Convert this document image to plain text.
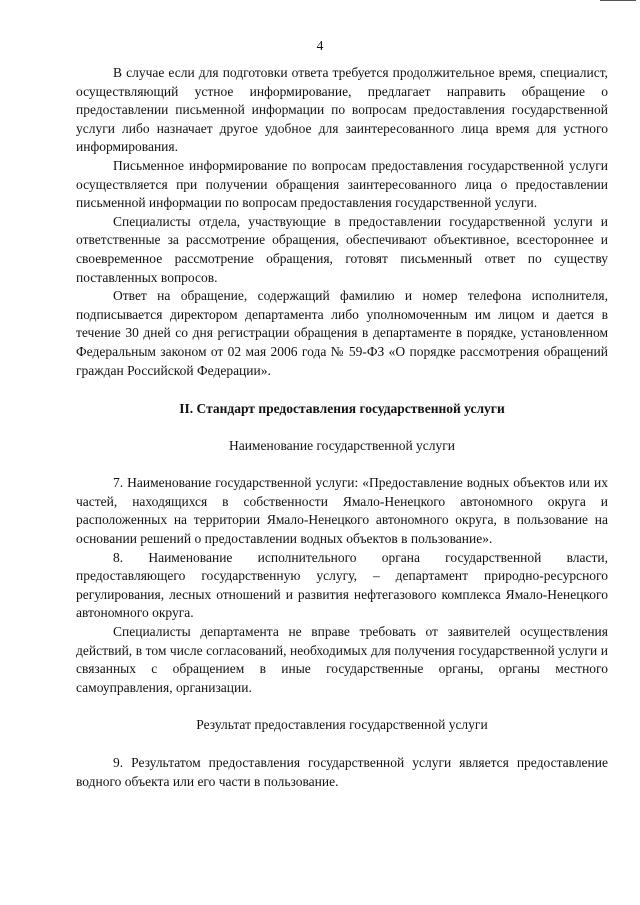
4

В случае если для подготовки ответа требуется продолжительное время, специалист, осуществляющий устное информирование, предлагает направить обращение о предоставлении письменной информации по вопросам предоставления государственной услуги либо назначает другое удобное для заинтересованного лица время для устного информирования.

Письменное информирование по вопросам предоставления государственной услуги осуществляется при получении обращения заинтересованного лица о предоставлении письменной информации по вопросам предоставления государственной услуги.

Специалисты отдела, участвующие в предоставлении государственной услуги и ответственные за рассмотрение обращения, обеспечивают объективное, всестороннее и своевременное рассмотрение обращения, готовят письменный ответ по существу поставленных вопросов.

Ответ на обращение, содержащий фамилию и номер телефона исполнителя, подписывается директором департамента либо уполномоченным им лицом и дается в течение 30 дней со дня регистрации обращения в департаменте в порядке, установленном Федеральным законом от 02 мая 2006 года № 59-ФЗ «О порядке рассмотрения обращений граждан Российской Федерации».

II. Стандарт предоставления государственной услуги
Наименование государственной услуги

7. Наименование государственной услуги: «Предоставление водных объектов или их частей, находящихся в собственности Ямало-Ненецкого автономного округа и расположенных на территории Ямало-Ненецкого автономного округа, в пользование на основании решений о предоставлении водных объектов в пользование».

8. Наименование исполнительного органа государственной власти, предоставляющего государственную услугу, – департамент природно-ресурсного регулирования, лесных отношений и развития нефтегазового комплекса Ямало-Ненецкого автономного округа.

Специалисты департамента не вправе требовать от заявителей осуществления действий, в том числе согласований, необходимых для получения государственной услуги и связанных с обращением в иные государственные органы, органы местного самоуправления, организации.

Результат предоставления государственной услуги

9. Результатом предоставления государственной услуги является предоставление водного объекта или его части в пользование.
